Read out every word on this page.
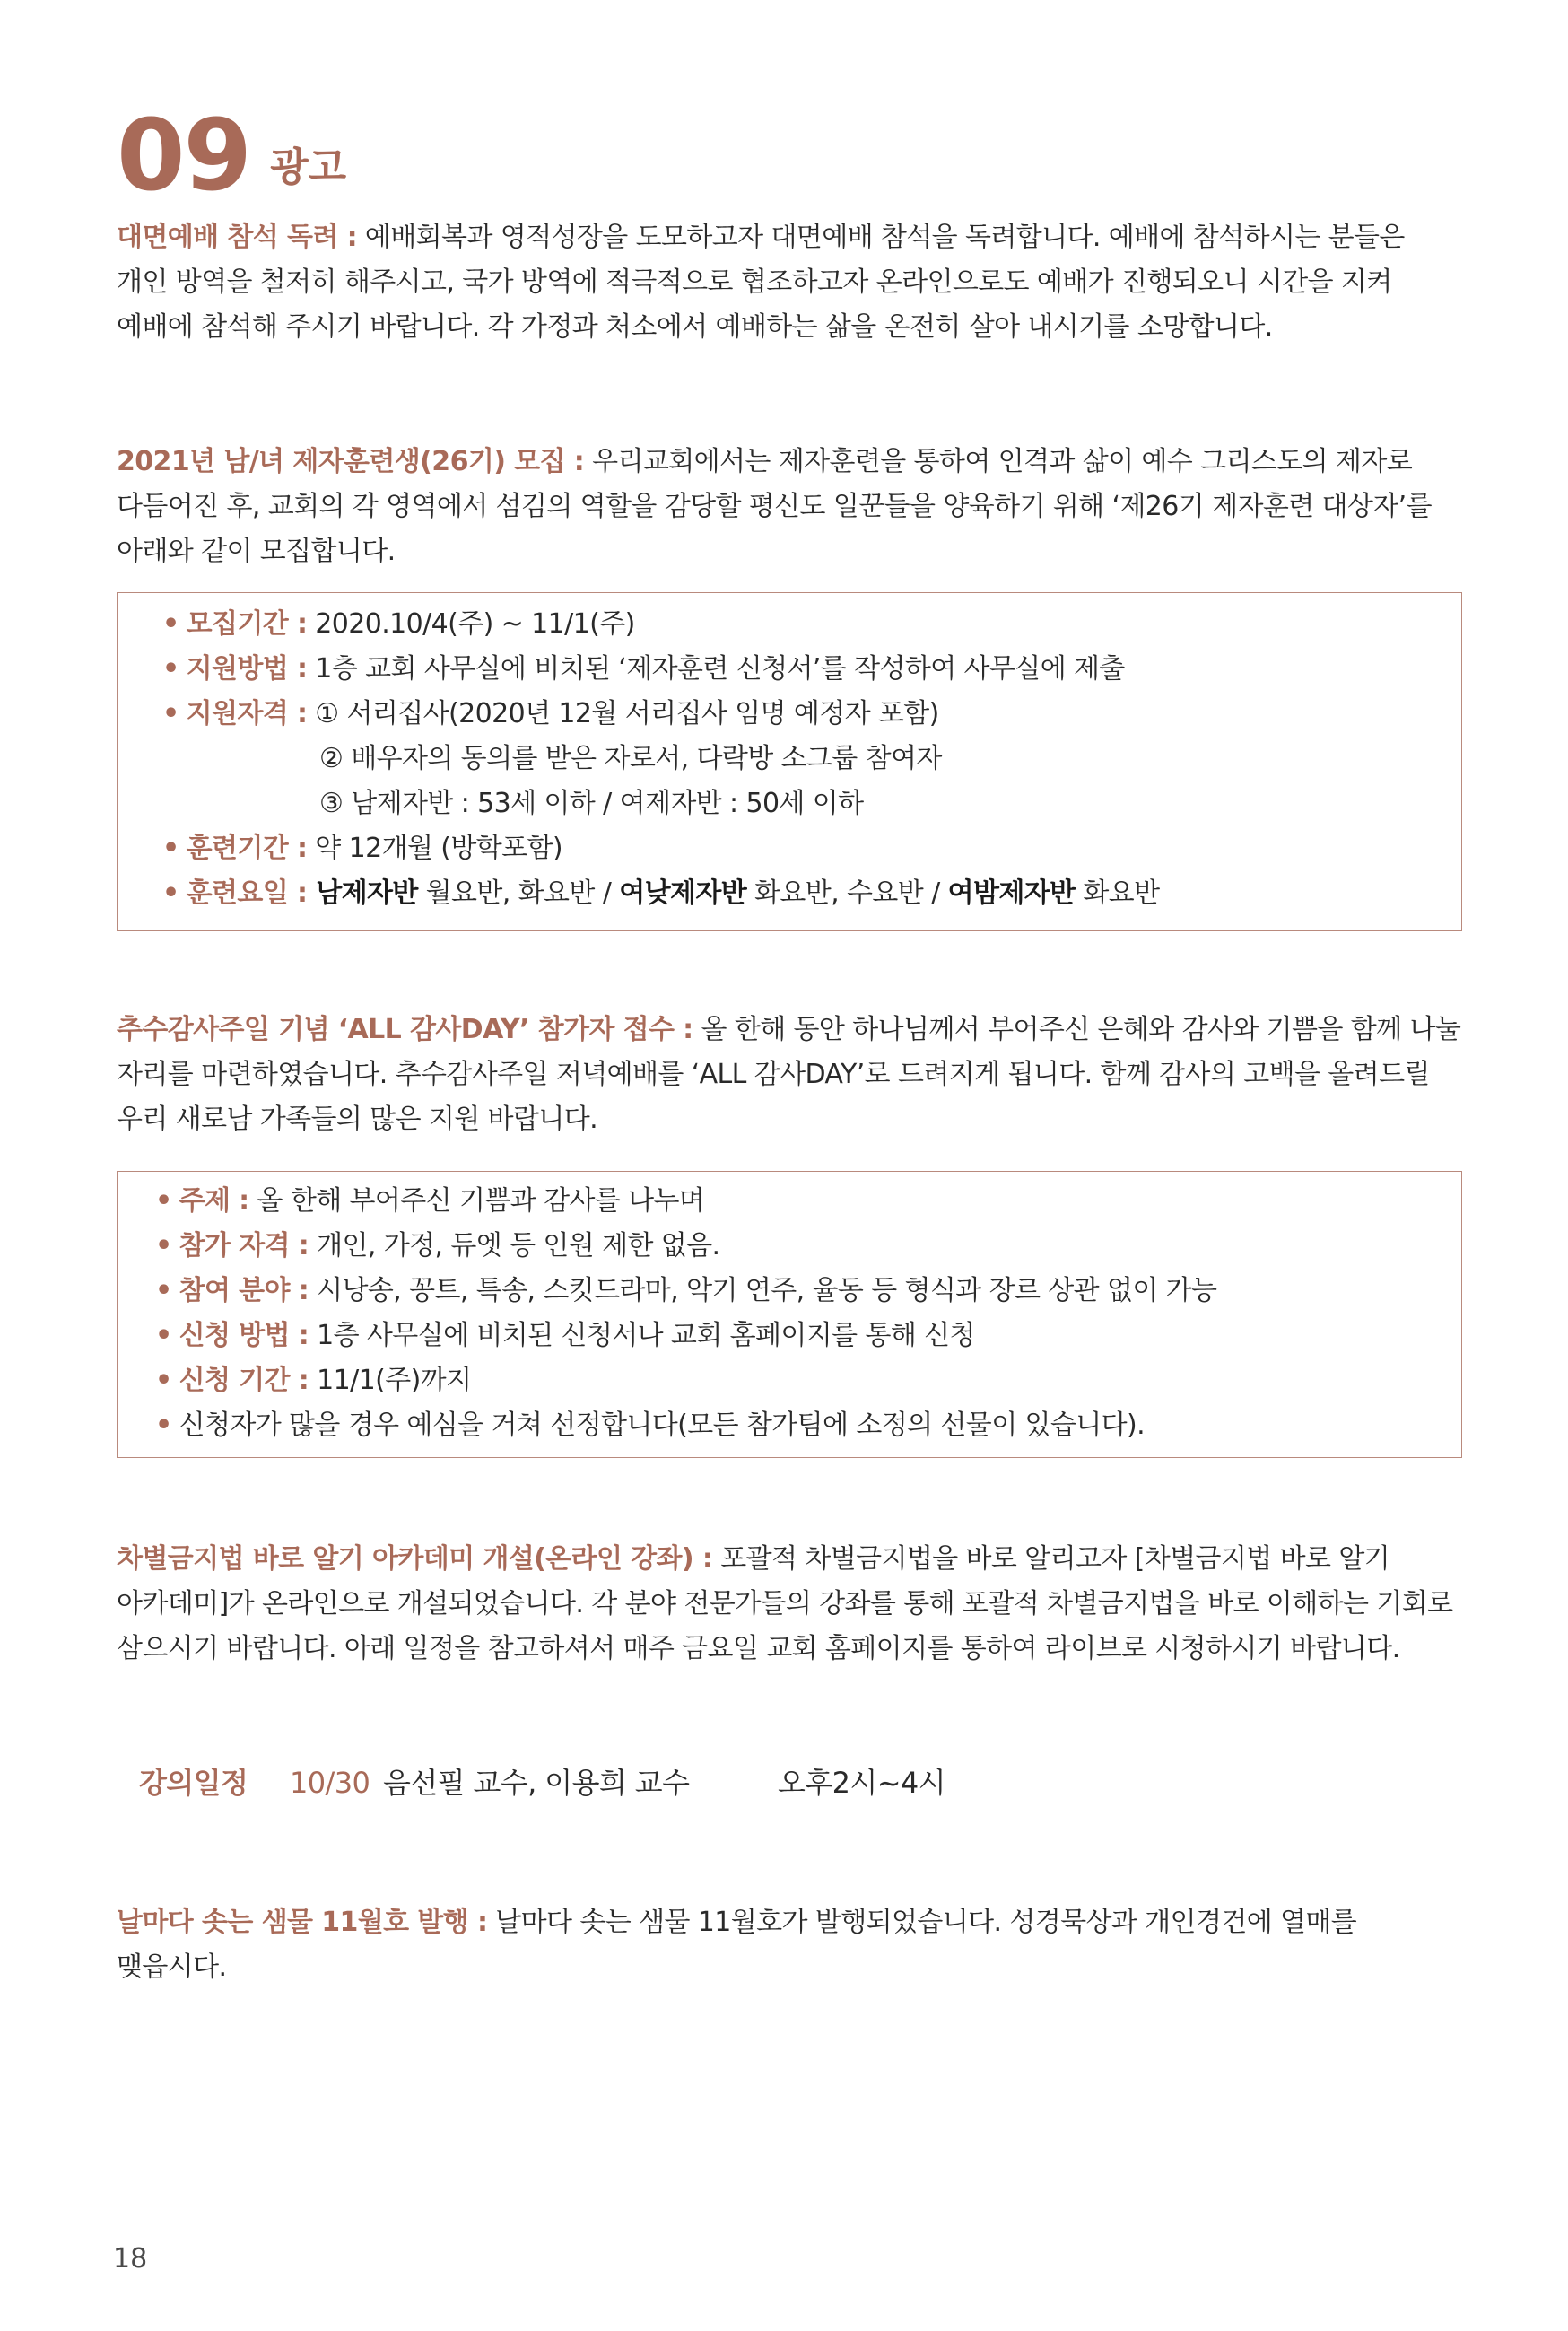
09 광고
대면예배 참석 독려 : 예배회복과 영적성장을 도모하고자 대면예배 참석을 독려합니다. 예배에 참석하시는 분들은 개인 방역을 철저히 해주시고, 국가 방역에 적극적으로 협조하고자 온라인으로도 예배가 진행되오니 시간을 지켜 예배에 참석해 주시기 바랍니다. 각 가정과 처소에서 예배하는 삶을 온전히 살아 내시기를 소망합니다.
2021년 남/녀 제자훈련생(26기) 모집 : 우리교회에서는 제자훈련을 통하여 인격과 삶이 예수 그리스도의 제자로 다듬어진 후, 교회의 각 영역에서 섬김의 역할을 감당할 평신도 일꾼들을 양육하기 위해 ‘제26기 제자훈련 대상자’를 아래와 같이 모집합니다.
• 모집기간 : 2020.10/4(주) ~ 11/1(주)
• 지원방법 : 1층 교회 사무실에 비치된 ‘제자훈련 신청서’를 작성하여 사무실에 제출
• 지원자격 : ① 서리집사(2020년 12월 서리집사 임명 예정자 포함)
② 배우자의 동의를 받은 자로서, 다락방 소그룹 참여자
③ 남제자반 : 53세 이하 / 여제자반 : 50세 이하
• 훈련기간 : 약 12개월 (방학포함)
• 훈련요일 : 남제자반 월요반, 화요반 / 여낮제자반 화요반, 수요반 / 여밤제자반 화요반
추수감사주일 기념 ‘ALL 감사DAY’ 참가자 접수 : 올 한해 동안 하나님께서 부어주신 은혜와 감사와 기쁨을 함께 나눌 자리를 마련하였습니다. 추수감사주일 저녁예배를 ‘ALL 감사DAY’로 드려지게 됩니다. 함께 감사의 고백을 올려드릴 우리 새로남 가족들의 많은 지원 바랍니다.
• 주제 : 올 한해 부어주신 기쁨과 감사를 나누며
• 참가 자격 : 개인, 가정, 듀엣 등 인원 제한 없음.
• 참여 분야 : 시낭송, 꽁트, 특송, 스킷드라마, 악기 연주, 율동 등 형식과 장르 상관 없이 가능
• 신청 방법 : 1층 사무실에 비치된 신청서나 교회 홈페이지를 통해 신청
• 신청 기간 : 11/1(주)까지
• 신청자가 많을 경우 예심을 거쳐 선정합니다(모든 참가팀에 소정의 선물이 있습니다).
차별금지법 바로 알기 아카데미 개설(온라인 강좌) : 포괄적 차별금지법을 바로 알리고자 [차별금지법 바로 알기 아카데미]가 온라인으로 개설되었습니다. 각 분야 전문가들의 강좌를 통해 포괄적 차별금지법을 바로 이해하는 기회로 삼으시기 바랍니다. 아래 일정을 참고하셔서 매주 금요일 교회 홈페이지를 통하여 라이브로 시청하시기 바랍니다.
강의일정 10/30 음선필 교수, 이용희 교수	오후2시~4시
날마다 솟는 샘물 11월호 발행 : 날마다 솟는 샘물 11월호가 발행되었습니다. 성경묵상과 개인경건에 열매를 맺읍시다.
18
